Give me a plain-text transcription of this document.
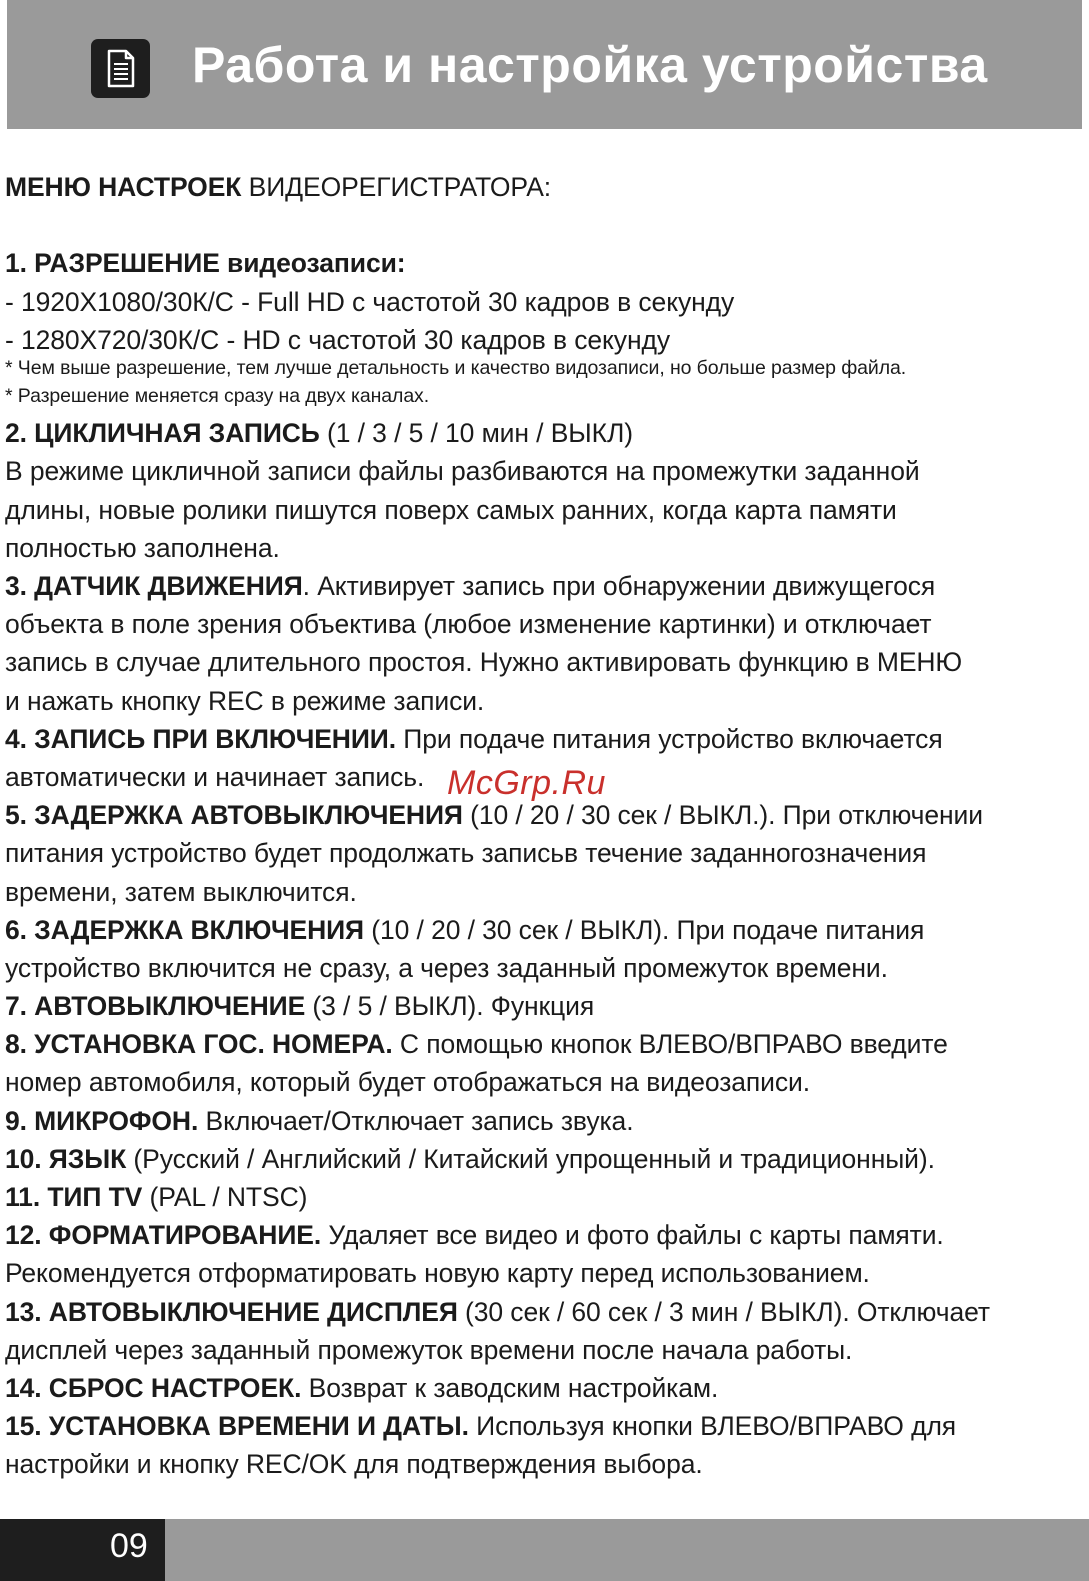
Работа и настройка устройства
МЕНЮ НАСТРОЕК ВИДЕОРЕГИСТРАТОРА:
1. РАЗРЕШЕНИЕ видеозаписи:
- 1920X1080/30К/С - Full HD с частотой 30 кадров в секунду
- 1280X720/30К/С - HD с частотой 30 кадров в секунду
* Чем выше разрешение, тем лучше детальность и качество видозаписи, но больше размер файла.
* Разрешение меняется сразу на двух каналах.
2. ЦИКЛИЧНАЯ ЗАПИСЬ (1 / 3 / 5 / 10 мин / ВЫКЛ)
В режиме цикличной записи файлы разбиваются на промежутки заданной
длины, новые ролики пишутся поверх самых ранних, когда карта памяти
полностью заполнена.
3. ДАТЧИК ДВИЖЕНИЯ. Активирует запись при обнаружении движущегося
объекта в поле зрения объектива (любое изменение картинки) и отключает
запись в случае длительного простоя. Нужно активировать функцию в МЕНЮ
и нажать кнопку REC в режиме записи.
4. ЗАПИСЬ ПРИ ВКЛЮЧЕНИИ. При подаче питания устройство включается
автоматически и начинает запись.
5. ЗАДЕРЖКА АВТОВЫКЛЮЧЕНИЯ (10 / 20 / 30 сек / ВЫКЛ.). При отключении
питания устройство будет продолжать записьв течение заданногозначения
времени, затем выключится.
6. ЗАДЕРЖКА ВКЛЮЧЕНИЯ (10 / 20 / 30 сек / ВЫКЛ). При подаче питания
устройство включится не сразу, а через заданный промежуток времени.
7. АВТОВЫКЛЮЧЕНИЕ (3 / 5 / ВЫКЛ). Функция
8. УСТАНОВКА ГОС. НОМЕРА. С помощью кнопок ВЛЕВО/ВПРАВО введите
номер автомобиля, который будет отображаться на видеозаписи.
9. МИКРОФОН. Включает/Отключает запись звука.
10. ЯЗЫК (Русский / Английский / Китайский упрощенный и традиционный).
11. ТИП TV (PAL / NTSC)
12. ФОРМАТИРОВАНИЕ. Удаляет все видео и фото файлы с карты памяти.
Рекомендуется отформатировать новую карту перед использованием.
13. АВТОВЫКЛЮЧЕНИЕ ДИСПЛЕЯ (30 сек / 60 сек / 3 мин / ВЫКЛ). Отключает
дисплей через заданный промежуток времени после начала работы.
14. СБРОС НАСТРОЕК. Возврат к заводским настройкам.
15. УСТАНОВКА ВРЕМЕНИ И ДАТЫ. Используя кнопки ВЛЕВО/ВПРАВО для
настройки и кнопку REC/OK для подтверждения выбора.
McGrp.Ru
09
